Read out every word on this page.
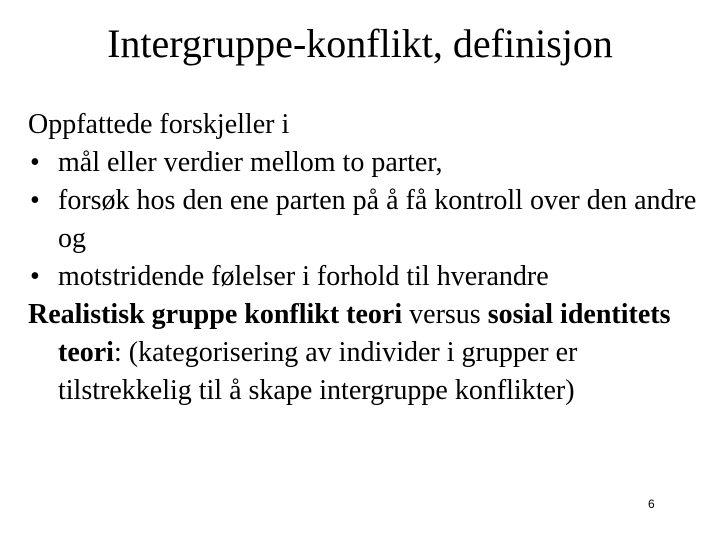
Intergruppe-konflikt, definisjon

Oppfattede forskjeller i

• mål eller verdier mellom to parter,
• forsøk hos den ene parten på å få kontroll over den andre og
• motstridende følelser i forhold til hverandre

Realistisk gruppe konflikt teori versus sosial identitets teori: (kategorisering av individer i grupper er tilstrekkelig til å skape intergruppe konflikter)

6
